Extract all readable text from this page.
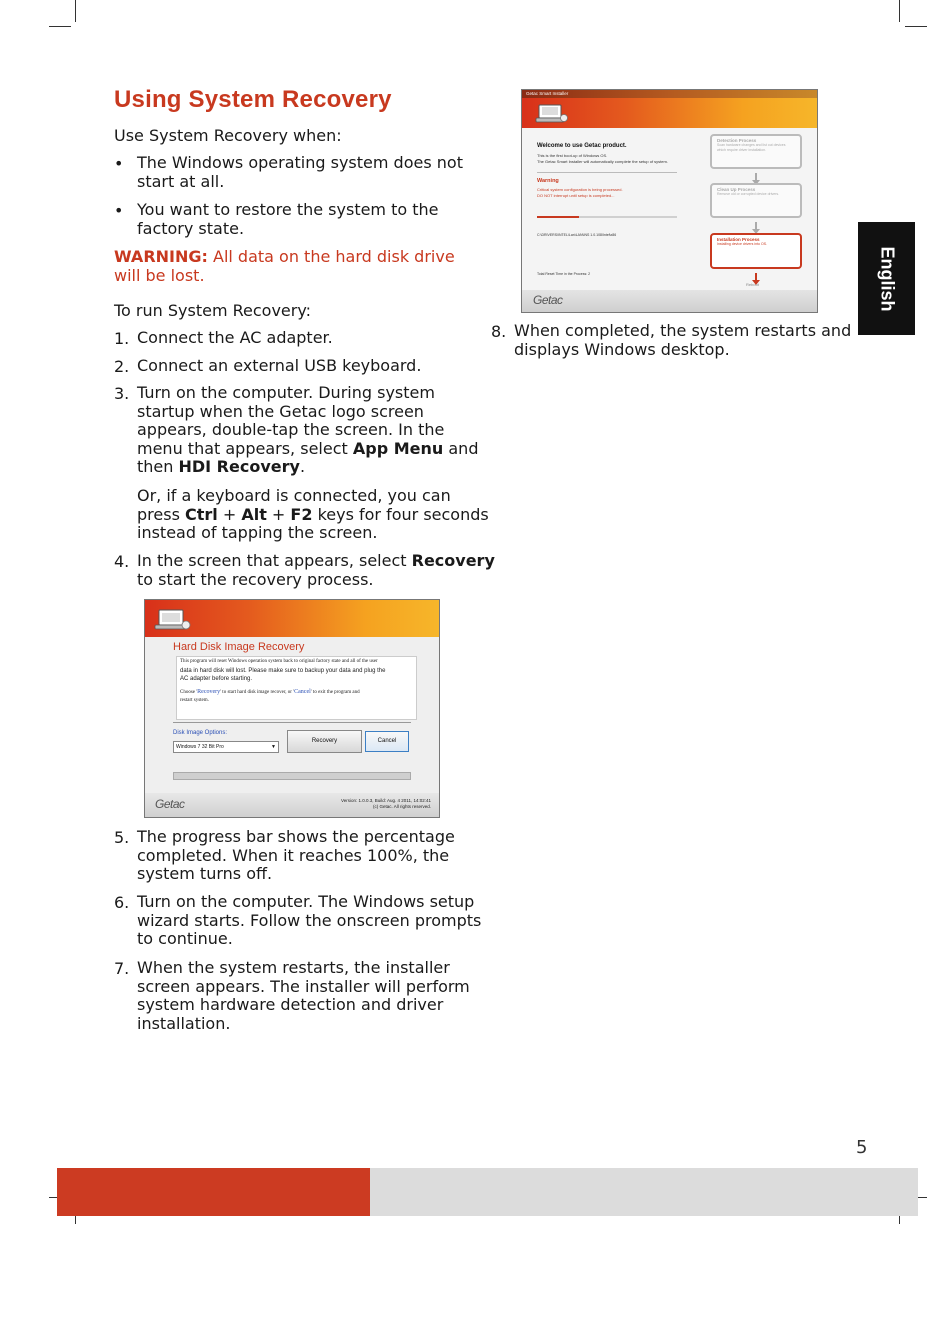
English
Using System Recovery
Use System Recovery when:
• The Windows operating system does not
start at all.
• You want to restore the system to the
factory state.
WARNING: All data on the hard disk drive
will be lost.
To run System Recovery:
1. Connect the AC adapter.
2. Connect an external USB keyboard.
3. Turn on the computer. During system
startup when the Getac logo screen
appears, double-tap the screen. In the
menu that appears, select App Menu and
then HDI Recovery.
Or, if a keyboard is connected, you can
press Ctrl + Alt + F2 keys for four seconds
instead of tapping the screen.
4. In the screen that appears, select Recovery
to start the recovery process.
Hard Disk Image Recovery
This program will reset Windows operation system back to original factory state and all of the user
data in hard disk will lost. Please make sure to backup your data and plug the
AC adapter before starting.
Choose 'Recovery' to start hard disk image recover, or 'Cancel' to exit the program and
restart system.
Disk Image Options:
Windows 7 32 Bit Pro	▼
Recovery	Cancel
Getac	Version: 1.0.0.3, Build: Aug. 4 2011, 14:02:41
(c) Getac. All rights reserved.
5. The progress bar shows the percentage
completed. When it reaches 100%, the
system turns off.
6. Turn on the computer. The Windows setup
wizard starts. Follow the onscreen prompts
to continue.
7. When the system restarts, the installer
screen appears. The installer will perform
system hardware detection and driver
installation.
Getac Smart Installer
Welcome to use Getac product.
This is the first boot-up of Windows OS.
The Getac Smart Installer will automatically complete the setup of system.
Warning
Critical system configuration is being processed.
DO NOT interrupt until setup is completed...
C:\DRIVERS\INTEL\Lan\LAN\INS 1.0.108\Intel\x86
Total Reset Time in the Process: 2
Detection Process
Scan hardware changes and list out devices which require driver installation.
Clean Up Process
Remove old or corrupted device drivers.
Installation Process
Installing device drivers into OS.
Reboot
Getac
8. When completed, the system restarts and
displays Windows desktop.
5
